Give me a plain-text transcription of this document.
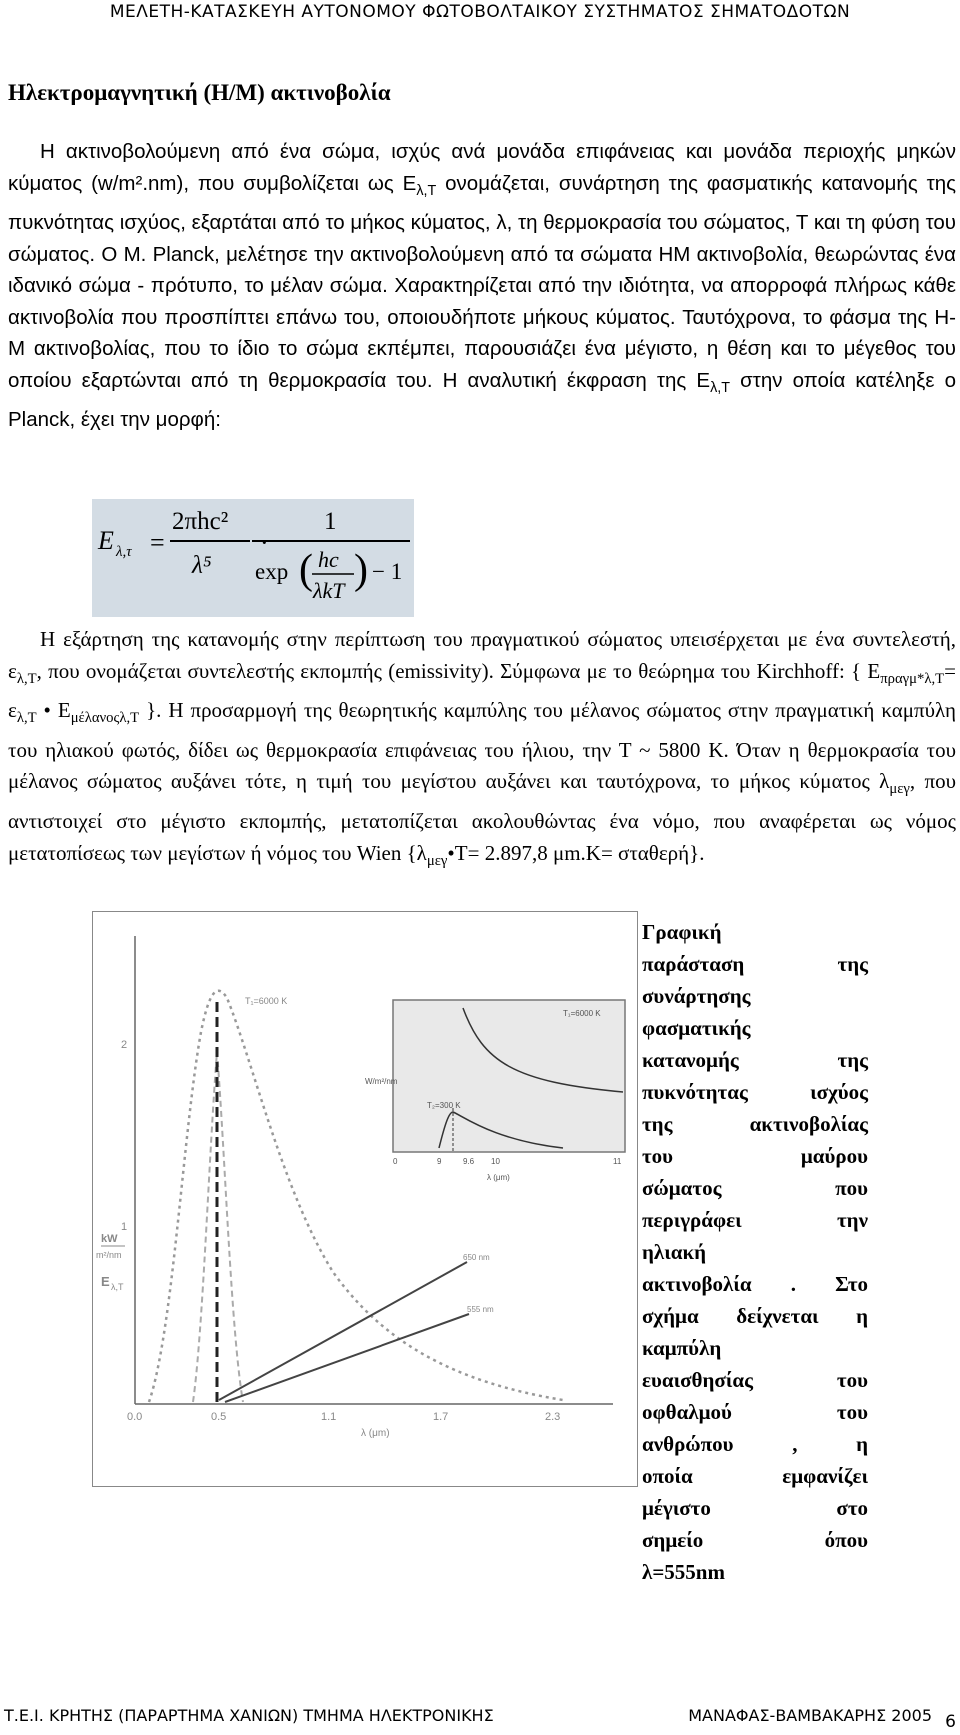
ΜΕΛΕΤΗ-ΚΑΤΑΣΚΕΥΗ ΑΥΤΟΝΟΜΟΥ ΦΩΤΟΒΟΛΤΑΙΚΟΥ ΣΥΣΤΗΜΑΤΟΣ ΣΗΜΑΤΟΔΟΤΩΝ
Ηλεκτρομαγνητική (Η/Μ) ακτινοβολία

Η ακτινοβολούμενη από ένα σώμα, ισχύς ανά μονάδα επιφάνειας και μονάδα περιοχής μηκών κύματος (w/m².nm), που συμβολίζεται ως $E_{\lambda,T}$ ονομάζεται, συνάρτηση της φασματικής κατανομής της πυκνότητας ισχύος, εξαρτάται από το μήκος κύματος, λ, τη θερμοκρασία του σώματος, Τ και τη φύση του σώματος. Ο Μ. Planck, μελέτησε την ακτινοβολούμενη από τα σώματα ΗΜ ακτινοβολία, θεωρώντας ένα ιδανικό σώμα - πρότυπο, το μέλαν σώμα. Χαρακτηρίζεται από την ιδιότητα, να απορροφά πλήρως κάθε ακτινοβολία που προσπίπτει επάνω του, οποιουδήποτε μήκους κύματος. Ταυτόχρονα, το φάσμα της Η-Μ ακτινοβολίας, που το ίδιο το σώμα εκπέμπει, παρουσιάζει ένα μέγιστο, η θέση και το μέγεθος του οποίου εξαρτώνται από τη θερμοκρασία του. Η αναλυτική έκφραση της $E_{\lambda,T}$ στην οποία κατέληξε ο Planck, έχει την μορφή:

E λ,τ =
2πhc²
λ⁵
·
1
exp ( hc
λkT ) − 1

Η εξάρτηση της κατανομής στην περίπτωση του πραγματικού σώματος υπεισέρχεται με ένα συντελεστή, $\varepsilon_{\lambda,T}$, που ονομάζεται συντελεστής εκπομπής (emissivity). Σύμφωνα με το θεώρημα του Kirchhoff: { $E_{\pi\rho\alpha\gamma\mu*\lambda,T}= \varepsilon_{\lambda,T}$ • $E_{\mu έ\lambda\alpha\nu o\varsigma\lambda,T}$ }. Η προσαρμογή της θεωρητικής καμπύλης του μέλανος σώματος στην πραγματική καμπύλη του ηλιακού φωτός, δίδει ως θερμοκρασία επιφάνειας του ήλιου, την Τ ~ 5800 Κ. Όταν η θερμοκρασία του μέλανος σώματος αυξάνει τότε, η τιμή του μεγίστου αυξάνει και ταυτόχρονα, το μήκος κύματος $\lambda_{\mu\varepsilon\gamma}$, που αντιστοιχεί στο μέγιστο εκπομπής, μετατοπίζεται ακολουθώντας ένα νόμο, που αναφέρεται ως νόμος μετατοπίσεως των μεγίστων ή νόμος του Wien {$\lambda_{\mu\varepsilon\gamma}•T= 2.897,8$ μm.K= σταθερή}.

2
1
kW
m²/nm
E λ,T
0.0	0.5	1.1	1.7	2.3
λ (μm)
T₁=6000 K
650 nm
555 nm
T₁=6000 K
T₂=300 K
W/m²/nm
0	9	9.6 10	11
λ (μm)
Γραφική
παράσταση της
συνάρτησης
φασματικής
κατανομής της
πυκνότητας ισχύος
της ακτινοβολίας
του μαύρου
σώματος που
περιγράφει την
ηλιακή
ακτινοβολία . Στο
σχήμα δείχνεται η
καμπύλη
ευαισθησίας του
οφθαλμού του
ανθρώπου , η
οποία εμφανίζει
μέγιστο στο
σημείο όπου
λ=555nm
Τ.Ε.Ι. ΚΡΗΤΗΣ (ΠΑΡΑΡΤΗΜΑ ΧΑΝΙΩΝ) ΤΜΗΜΑ ΗΛΕΚΤΡΟΝΙΚΗΣ	ΜΑΝΑΦΑΣ-ΒΑΜΒΑΚΑΡΗΣ 2005 6
